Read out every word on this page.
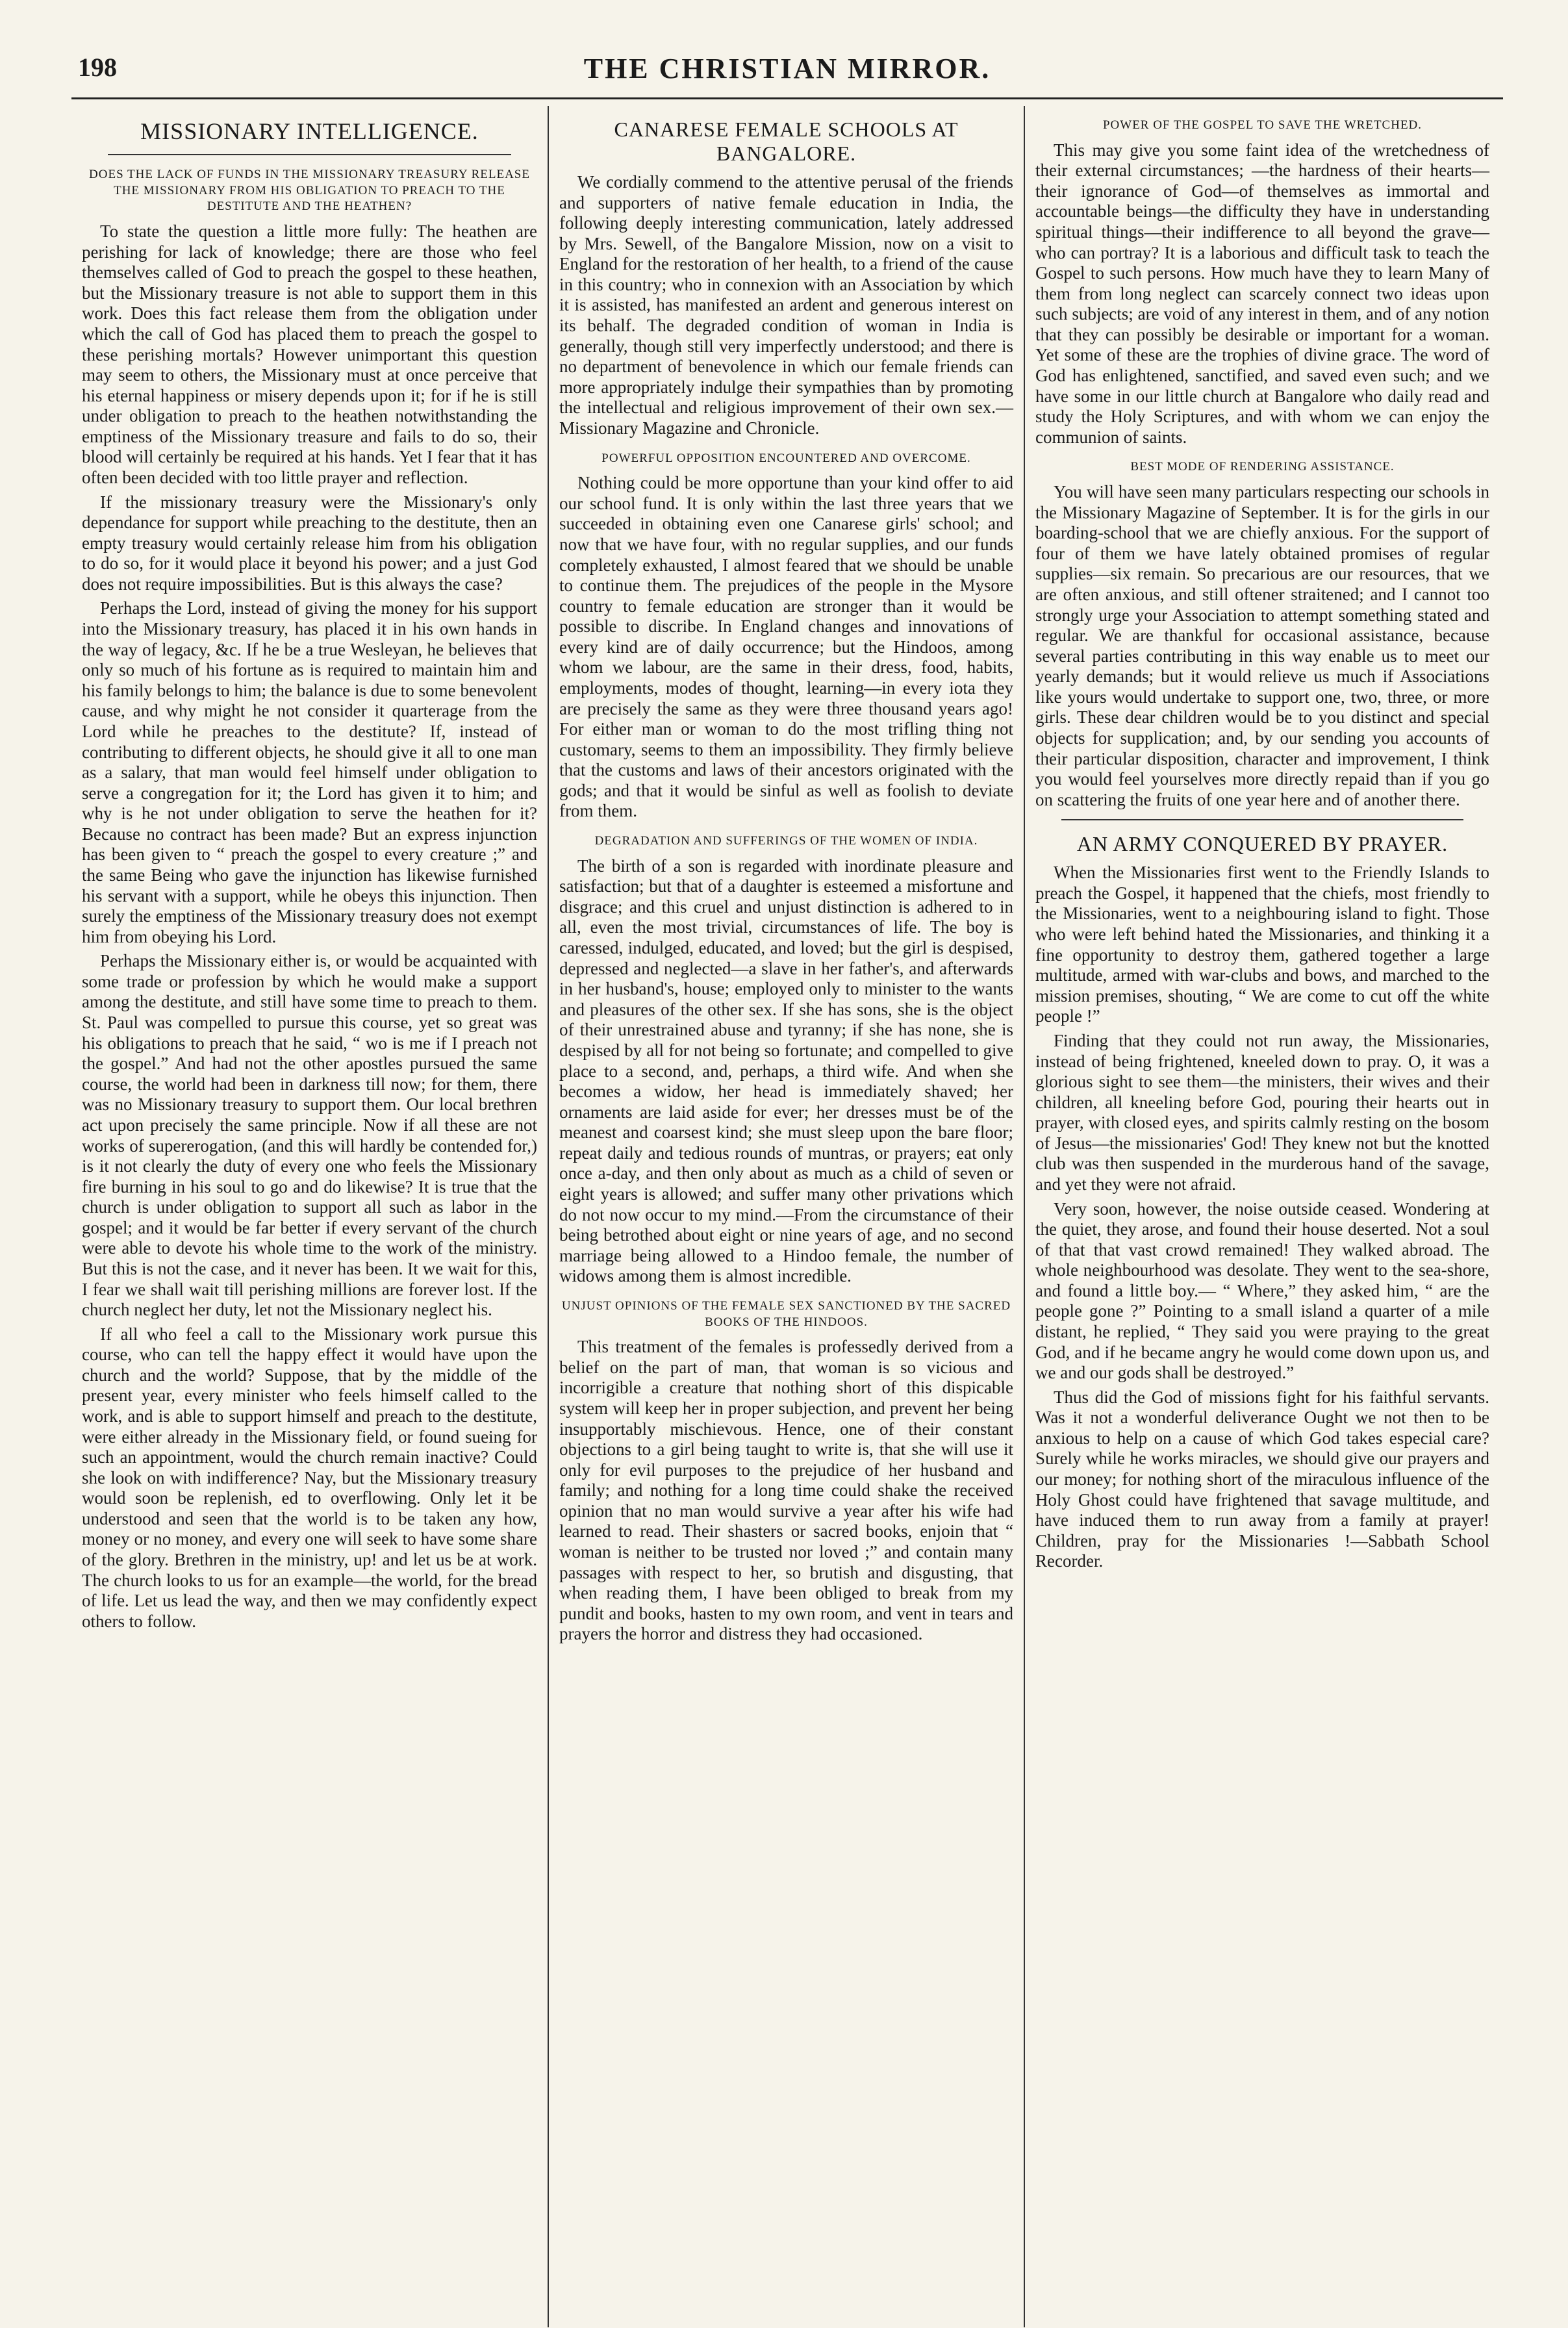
198	THE CHRISTIAN MIRROR.
MISSIONARY INTELLIGENCE.
DOES THE LACK OF FUNDS IN THE MISSIONARY TREASURY RELEASE THE MISSIONARY FROM HIS OBLIGATION TO PREACH TO THE DESTITUTE AND THE HEATHEN?

To state the question a little more fully: The heathen are perishing for lack of knowledge; there are those who feel themselves called of God to preach the gospel to these heathen, but the Missionary treasure is not able to support them in this work. Does this fact release them from the obligation under which the call of God has placed them to preach the gospel to these perishing mortals? However unimportant this question may seem to others, the Missionary must at once perceive that his eternal happiness or misery depends upon it; for if he is still under obligation to preach to the heathen notwithstanding the emptiness of the Missionary treasure and fails to do so, their blood will certainly be required at his hands. Yet I fear that it has often been decided with too little prayer and reflection.

If the missionary treasury were the Missionary's only dependance for support while preaching to the destitute, then an empty treasury would certainly release him from his obligation to do so, for it would place it beyond his power; and a just God does not require impossibilities. But is this always the case?

Perhaps the Lord, instead of giving the money for his support into the Missionary treasury, has placed it in his own hands in the way of legacy, &c. If he be a true Wesleyan, he believes that only so much of his fortune as is required to maintain him and his family belongs to him; the balance is due to some benevolent cause, and why might he not consider it quarterage from the Lord while he preaches to the destitute? If, instead of contributing to different objects, he should give it all to one man as a salary, that man would feel himself under obligation to serve a congregation for it; the Lord has given it to him; and why is he not under obligation to serve the heathen for it? Because no contract has been made? But an express injunction has been given to “ preach the gospel to every creature ;” and the same Being who gave the injunction has likewise furnished his servant with a support, while he obeys this injunction. Then surely the emptiness of the Missionary treasury does not exempt him from obeying his Lord.

Perhaps the Missionary either is, or would be acquainted with some trade or profession by which he would make a support among the destitute, and still have some time to preach to them. St. Paul was compelled to pursue this course, yet so great was his obligations to preach that he said, “ wo is me if I preach not the gospel.” And had not the other apostles pursued the same course, the world had been in darkness till now; for them, there was no Missionary treasury to support them. Our local brethren act upon precisely the same principle. Now if all these are not works of supererogation, (and this will hardly be contended for,) is it not clearly the duty of every one who feels the Missionary fire burning in his soul to go and do likewise? It is true that the church is under obligation to support all such as labor in the gospel; and it would be far better if every servant of the church were able to devote his whole time to the work of the ministry. But this is not the case, and it never has been. It we wait for this, I fear we shall wait till perishing millions are forever lost. If the church neglect her duty, let not the Missionary neglect his.

If all who feel a call to the Missionary work pursue this course, who can tell the happy effect it would have upon the church and the world? Suppose, that by the middle of the present year, every minister who feels himself called to the work, and is able to support himself and preach to the destitute, were either already in the Missionary field, or found sueing for such an appointment, would the church remain inactive? Could she look on with indifference? Nay, but the Missionary treasury would soon be replenish, ed to overflowing. Only let it be understood and seen that the world is to be taken any how, money or no money, and every one will seek to have some share of the glory. Brethren in the ministry, up! and let us be at work. The church looks to us for an example—the world, for the bread of life. Let us lead the way, and then we may confidently expect others to follow.

CANARESE FEMALE SCHOOLS AT BANGALORE.

We cordially commend to the attentive perusal of the friends and supporters of native female education in India, the following deeply interesting communication, lately addressed by Mrs. Sewell, of the Bangalore Mission, now on a visit to England for the restoration of her health, to a friend of the cause in this country; who in connexion with an Association by which it is assisted, has manifested an ardent and generous interest on its behalf. The degraded condition of woman in India is generally, though still very imperfectly understood; and there is no department of benevolence in which our female friends can more appropriately indulge their sympathies than by promoting the intellectual and religious improvement of their own sex.—Missionary Magazine and Chronicle.

POWERFUL OPPOSITION ENCOUNTERED AND OVERCOME.

Nothing could be more opportune than your kind offer to aid our school fund. It is only within the last three years that we succeeded in obtaining even one Canarese girls' school; and now that we have four, with no regular supplies, and our funds completely exhausted, I almost feared that we should be unable to continue them. The prejudices of the people in the Mysore country to female education are stronger than it would be possible to discribe. In England changes and innovations of every kind are of daily occurrence; but the Hindoos, among whom we labour, are the same in their dress, food, habits, employments, modes of thought, learning—in every iota they are precisely the same as they were three thousand years ago! For either man or woman to do the most trifling thing not customary, seems to them an impossibility. They firmly believe that the customs and laws of their ancestors originated with the gods; and that it would be sinful as well as foolish to deviate from them.

DEGRADATION AND SUFFERINGS OF THE WOMEN OF INDIA.

The birth of a son is regarded with inordinate pleasure and satisfaction; but that of a daughter is esteemed a misfortune and disgrace; and this cruel and unjust distinction is adhered to in all, even the most trivial, circumstances of life. The boy is caressed, indulged, educated, and loved; but the girl is despised, depressed and neglected—a slave in her father's, and afterwards in her husband's, house; employed only to minister to the wants and pleasures of the other sex. If she has sons, she is the object of their unrestrained abuse and tyranny; if she has none, she is despised by all for not being so fortunate; and compelled to give place to a second, and, perhaps, a third wife. And when she becomes a widow, her head is immediately shaved; her ornaments are laid aside for ever; her dresses must be of the meanest and coarsest kind; she must sleep upon the bare floor; repeat daily and tedious rounds of muntras, or prayers; eat only once a-day, and then only about as much as a child of seven or eight years is allowed; and suffer many other privations which do not now occur to my mind.—From the circumstance of their being betrothed about eight or nine years of age, and no second marriage being allowed to a Hindoo female, the number of widows among them is almost incredible.

UNJUST OPINIONS OF THE FEMALE SEX SANCTIONED BY THE SACRED BOOKS OF THE HINDOOS.

This treatment of the females is professedly derived from a belief on the part of man, that woman is so vicious and incorrigible a creature that nothing short of this dispicable system will keep her in proper subjection, and prevent her being insupportably mischievous. Hence, one of their constant objections to a girl being taught to write is, that she will use it only for evil purposes to the prejudice of her husband and family; and nothing for a long time could shake the received opinion that no man would survive a year after his wife had learned to read. Their shasters or sacred books, enjoin that “ woman is neither to be trusted nor loved ;” and contain many passages with respect to her, so brutish and disgusting, that when reading them, I have been obliged to break from my pundit and books, hasten to my own room, and vent in tears and prayers the horror and distress they had occasioned.

POWER OF THE GOSPEL TO SAVE THE WRETCHED.

This may give you some faint idea of the wretchedness of their external circumstances; —the hardness of their hearts—their ignorance of God—of themselves as immortal and accountable beings—the difficulty they have in understanding spiritual things—their indifference to all beyond the grave—who can portray? It is a laborious and difficult task to teach the Gospel to such persons. How much have they to learn Many of them from long neglect can scarcely connect two ideas upon such subjects; are void of any interest in them, and of any notion that they can possibly be desirable or important for a woman. Yet some of these are the trophies of divine grace. The word of God has enlightened, sanctified, and saved even such; and we have some in our little church at Bangalore who daily read and study the Holy Scriptures, and with whom we can enjoy the communion of saints.

BEST MODE OF RENDERING ASSISTANCE.

You will have seen many particulars respecting our schools in the Missionary Magazine of September. It is for the girls in our boarding-school that we are chiefly anxious. For the support of four of them we have lately obtained promises of regular supplies—six remain. So precarious are our resources, that we are often anxious, and still oftener straitened; and I cannot too strongly urge your Association to attempt something stated and regular. We are thankful for occasional assistance, because several parties contributing in this way enable us to meet our yearly demands; but it would relieve us much if Associations like yours would undertake to support one, two, three, or more girls. These dear children would be to you distinct and special objects for supplication; and, by our sending you accounts of their particular disposition, character and improvement, I think you would feel yourselves more directly repaid than if you go on scattering the fruits of one year here and of another there.

AN ARMY CONQUERED BY PRAYER.

When the Missionaries first went to the Friendly Islands to preach the Gospel, it happened that the chiefs, most friendly to the Missionaries, went to a neighbouring island to fight. Those who were left behind hated the Missionaries, and thinking it a fine opportunity to destroy them, gathered together a large multitude, armed with war-clubs and bows, and marched to the mission premises, shouting, “ We are come to cut off the white people !”

Finding that they could not run away, the Missionaries, instead of being frightened, kneeled down to pray. O, it was a glorious sight to see them—the ministers, their wives and their children, all kneeling before God, pouring their hearts out in prayer, with closed eyes, and spirits calmly resting on the bosom of Jesus—the missionaries' God! They knew not but the knotted club was then suspended in the murderous hand of the savage, and yet they were not afraid.

Very soon, however, the noise outside ceased. Wondering at the quiet, they arose, and found their house deserted. Not a soul of that that vast crowd remained! They walked abroad. The whole neighbourhood was desolate. They went to the sea-shore, and found a little boy.— “ Where,” they asked him, “ are the people gone ?” Pointing to a small island a quarter of a mile distant, he replied, “ They said you were praying to the great God, and if he became angry he would come down upon us, and we and our gods shall be destroyed.”

Thus did the God of missions fight for his faithful servants. Was it not a wonderful deliverance Ought we not then to be anxious to help on a cause of which God takes especial care? Surely while he works miracles, we should give our prayers and our money; for nothing short of the miraculous influence of the Holy Ghost could have frightened that savage multitude, and have induced them to run away from a family at prayer! Children, pray for the Missionaries !—Sabbath School Recorder.
